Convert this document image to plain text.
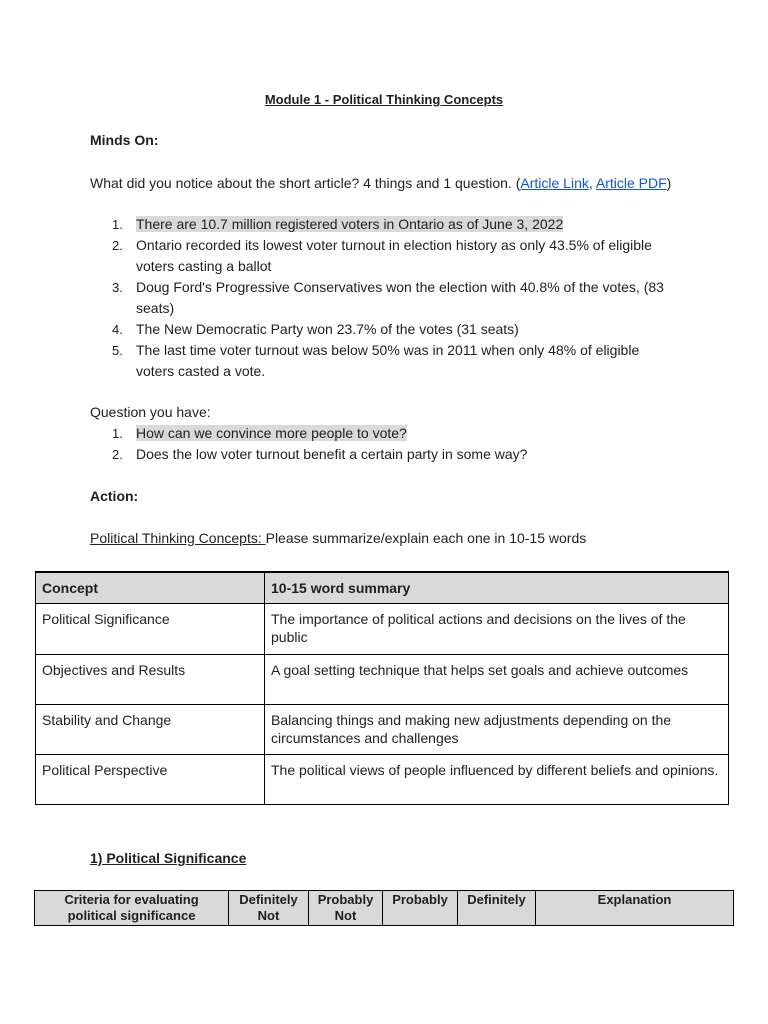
Module 1 - Political Thinking Concepts
Minds On:
What did you notice about the short article? 4 things and 1 question. (Article Link, Article PDF)
1. There are 10.7 million registered voters in Ontario as of June 3, 2022
2. Ontario recorded its lowest voter turnout in election history as only 43.5% of eligible voters casting a ballot
3. Doug Ford's Progressive Conservatives won the election with 40.8% of the votes, (83 seats)
4. The New Democratic Party won 23.7% of the votes (31 seats)
5. The last time voter turnout was below 50% was in 2011 when only 48% of eligible voters casted a vote.
Question you have:
1. How can we convince more people to vote?
2. Does the low voter turnout benefit a certain party in some way?
Action:
Political Thinking Concepts: Please summarize/explain each one in 10-15 words
Concept	10-15 word summary
Political Significance	The importance of political actions and decisions on the lives of the public
Objectives and Results	A goal setting technique that helps set goals and achieve outcomes
Stability and Change	Balancing things and making new adjustments depending on the circumstances and challenges
Political Perspective	The political views of people influenced by different beliefs and opinions.
1) Political Significance
Criteria for evaluating political significance	Definitely Not	Probably Not	Probably	Definitely	Explanation
